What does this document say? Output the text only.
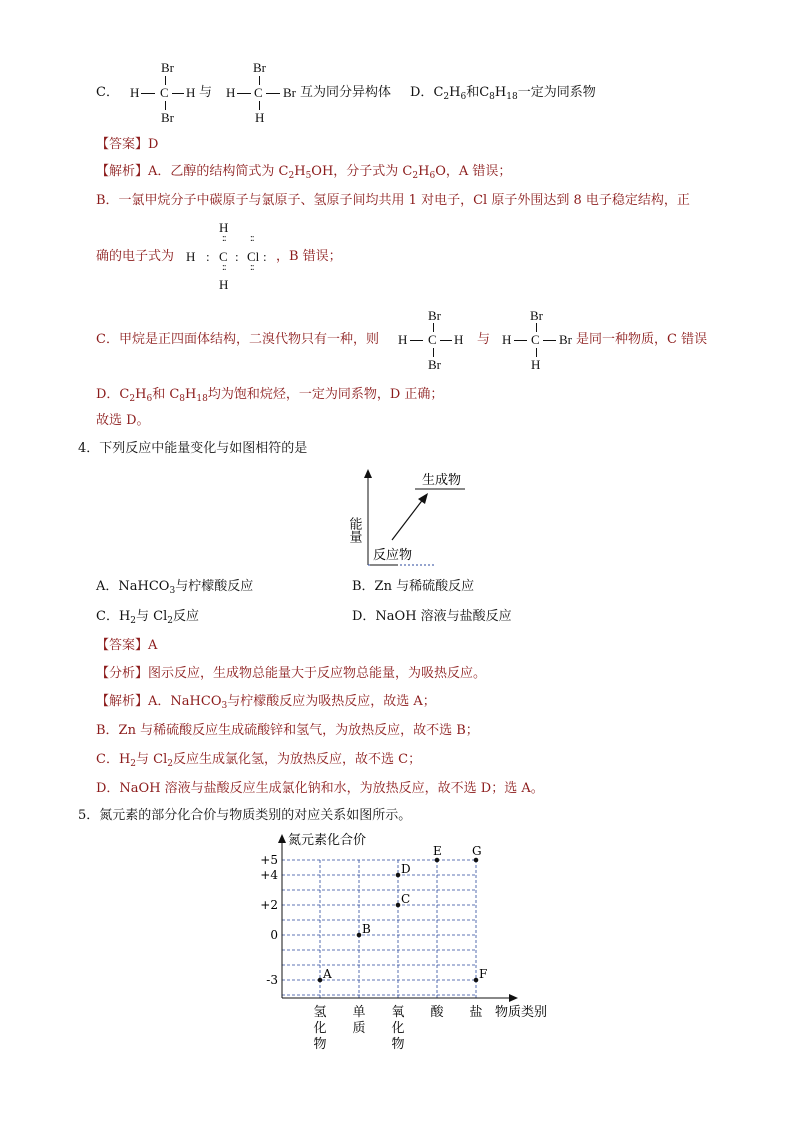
C．
Br
H C H
Br
与
Br
H C Br
H
互为同分异构体 D．$C_2H_6$和$C_8H_{18}$一定为同系物
【答案】D
【解析】A．乙醇的结构简式为 $C_2H_5OH$，分子式为 $C_2H_6O$，A 错误；
B．一氯甲烷分子中碳原子与氯原子、氢原子间均共用 1 对电子，Cl 原子外围达到 8 电子稳定结构，正
确的电子式为
H
:: ::
H : C : Cl :
:: ::
H
，B 错误；
C．甲烷是正四面体结构，二溴代物只有一种，则
Br
H C H
Br
与
Br
H C Br
H
是同一种物质，C 错误
D．$C_2H_6$和 $C_8H_{18}$均为饱和烷烃，一定为同系物，D 正确；
故选 D。
4．下列反应中能量变化与如图相符的是
能量
反应物
生成物
A．NaHCO$_3$与柠檬酸反应	B．Zn 与稀硫酸反应
C．$H_2$与 $Cl_2$反应	D．NaOH 溶液与盐酸反应
【答案】A
【分析】图示反应，生成物总能量大于反应物总能量，为吸热反应。
【解析】A．NaHCO$_3$与柠檬酸反应为吸热反应，故选 A；
B．Zn 与稀硫酸反应生成硫酸锌和氢气，为放热反应，故不选 B；
C．$H_2$与 $Cl_2$反应生成氯化氢，为放热反应，故不选 C；
D．NaOH 溶液与盐酸反应生成氯化钠和水，为放热反应，故不选 D；选 A。
5．氮元素的部分化合价与物质类别的对应关系如图所示。
氮元素化合价
物质类别
+5
+4
+2
0
-3
氢
化
物
单
质
氧
化
物
酸 盐
A
B
C
D
E
F
G
